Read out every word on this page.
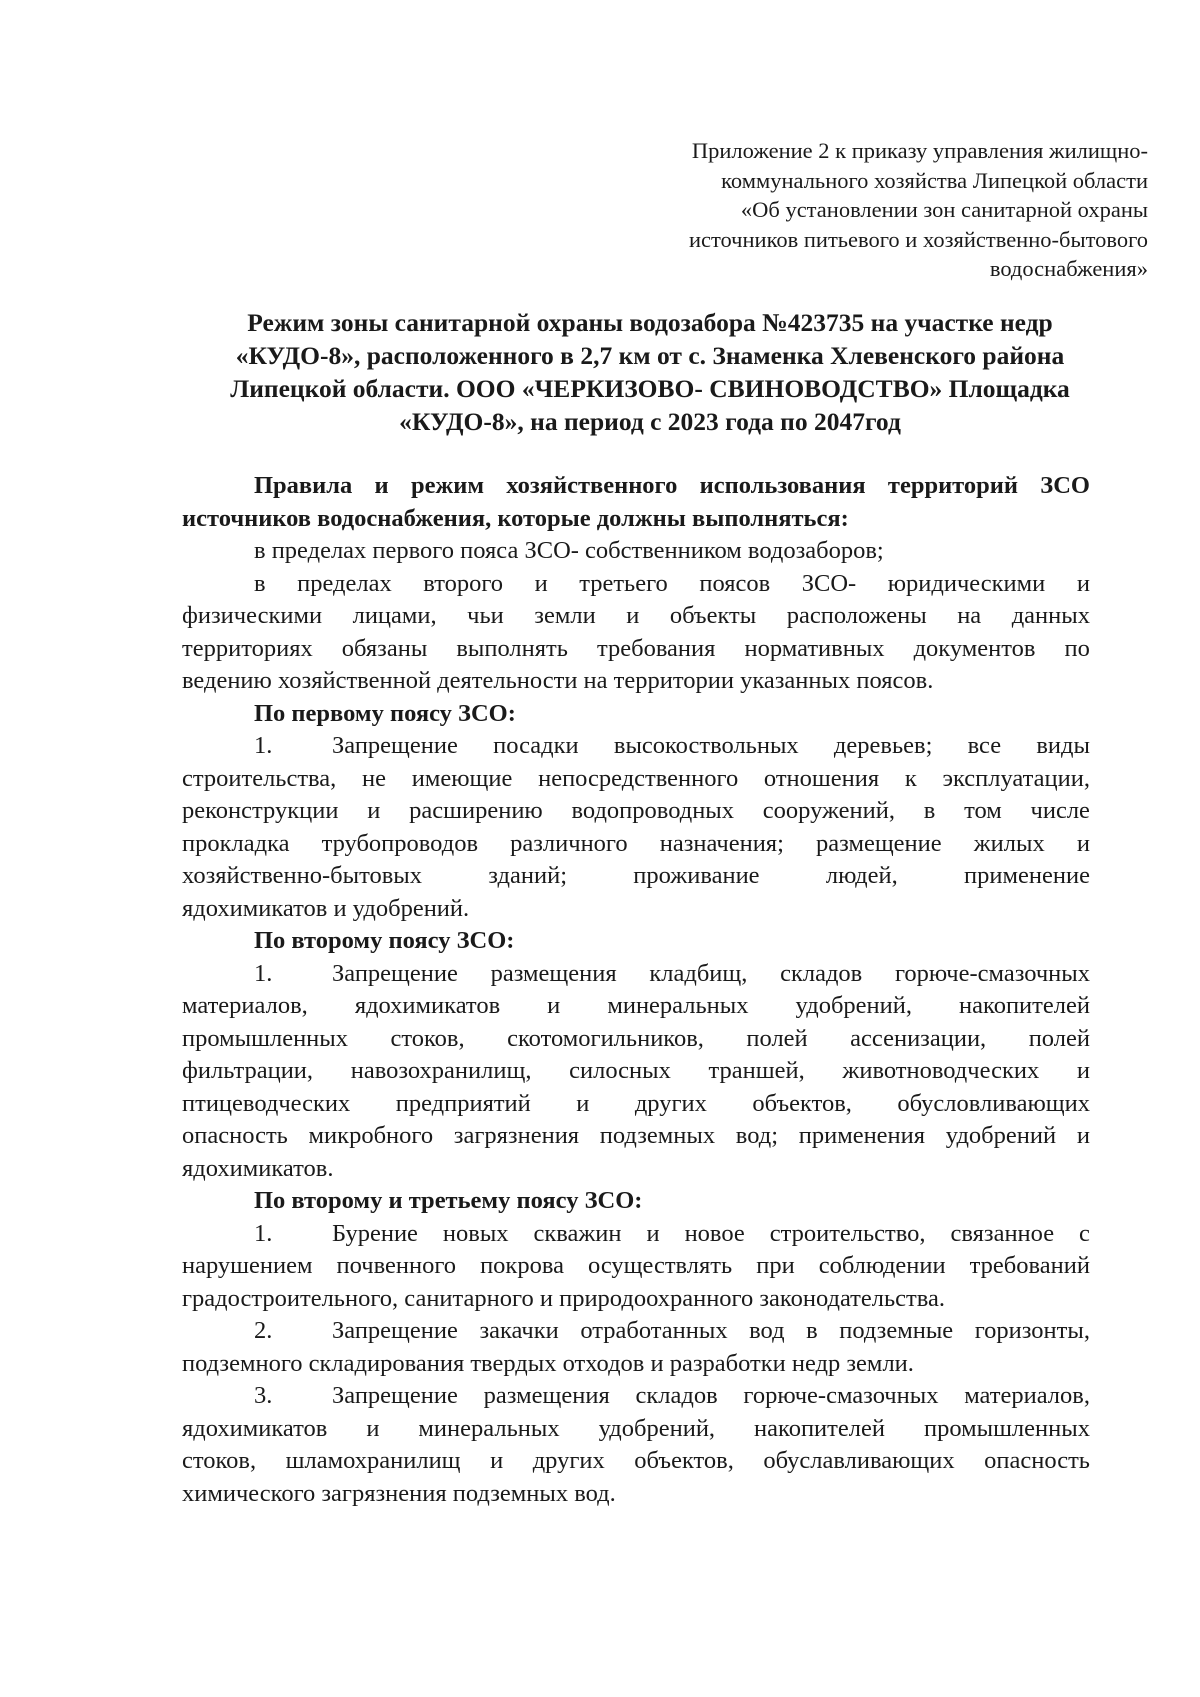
Приложение 2 к приказу управления жилищно-
коммунального хозяйства Липецкой области
«Об установлении зон санитарной охраны
источников питьевого и хозяйственно-бытового
водоснабжения»
Режим зоны санитарной охраны водозабора №423735 на участке недр
«КУДО-8», расположенного в 2,7 км от с. Знаменка Хлевенского района
Липецкой области. ООО «ЧЕРКИЗОВО- СВИНОВОДСТВО» Площадка
«КУДО-8», на период с 2023 года по 2047год
Правила и режим хозяйственного использования территорий ЗСО
источников водоснабжения, которые должны выполняться:
в пределах первого пояса ЗСО- собственником водозаборов;
в пределах второго и третьего поясов ЗСО- юридическими и
физическими лицами, чьи земли и объекты расположены на данных
территориях обязаны выполнять требования нормативных документов по
ведению хозяйственной деятельности на территории указанных поясов.
По первому поясу ЗСО:
1.	Запрещение посадки высокоствольных деревьев; все виды
строительства, не имеющие непосредственного отношения к эксплуатации,
реконструкции и расширению водопроводных сооружений, в том числе
прокладка трубопроводов различного назначения; размещение жилых и
хозяйственно-бытовых	зданий;	проживание	людей,	применение
ядохимикатов и удобрений.
По второму поясу ЗСО:
1.	Запрещение размещения кладбищ, складов горюче-смазочных
материалов, ядохимикатов и минеральных удобрений, накопителей
промышленных стоков, скотомогильников, полей ассенизации, полей
фильтрации, навозохранилищ, силосных траншей, животноводческих и
птицеводческих предприятий и других объектов, обусловливающих
опасность микробного загрязнения подземных вод; применения удобрений и
ядохимикатов.
По второму и третьему поясу ЗСО:
1.	Бурение новых скважин и новое строительство, связанное с
нарушением почвенного покрова осуществлять при соблюдении требований
градостроительного, санитарного и природоохранного законодательства.
2.	Запрещение закачки отработанных вод в подземные горизонты,
подземного складирования твердых отходов и разработки недр земли.
3.	Запрещение размещения складов горюче-смазочных материалов,
ядохимикатов и минеральных удобрений, накопителей промышленных
стоков, шламохранилищ и других объектов, обуславливающих опасность
химического загрязнения подземных вод.
